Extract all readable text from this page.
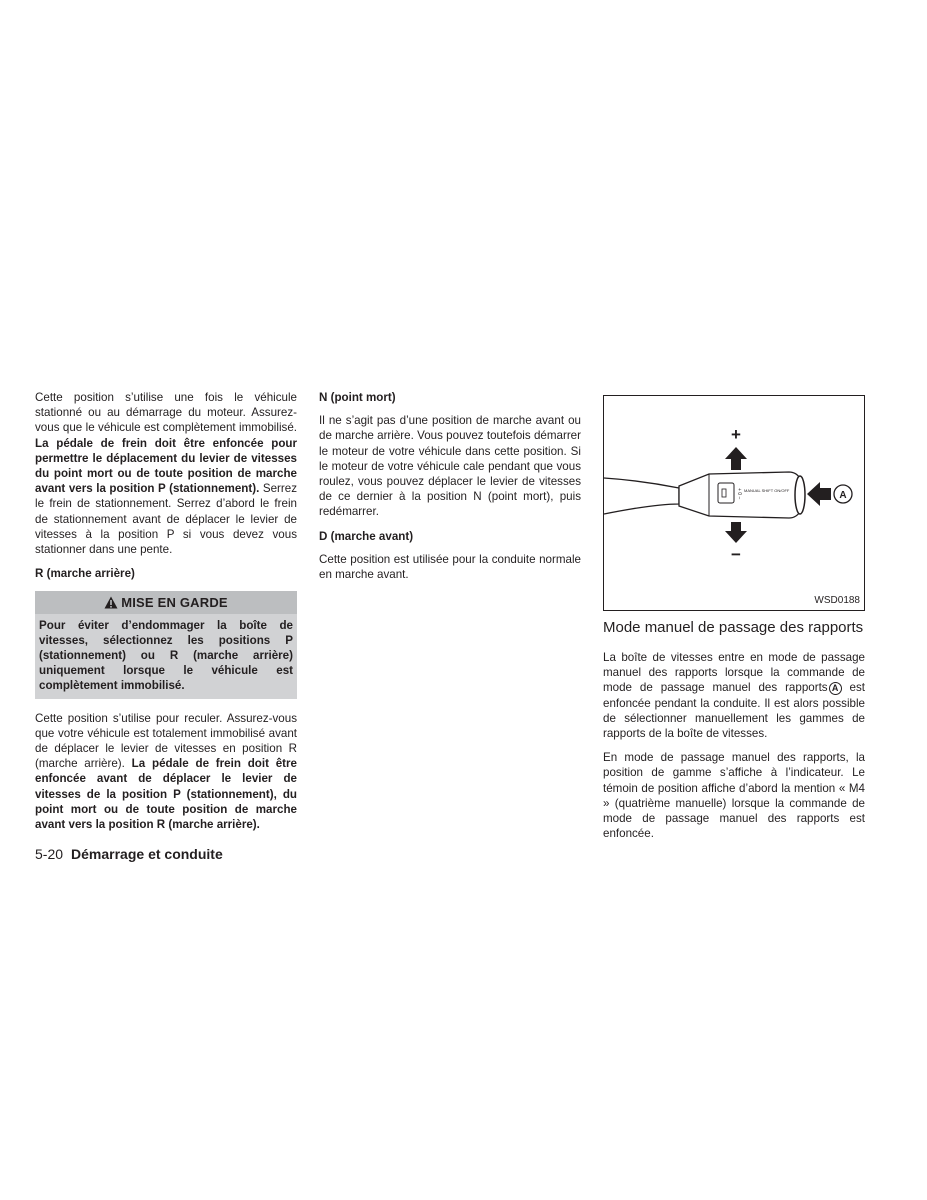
Cette position s’utilise une fois le véhicule stationné ou au démarrage du moteur. Assurez-vous que le véhicule est complètement immobilisé. La pédale de frein doit être enfoncée pour permettre le déplacement du levier de vitesses du point mort ou de toute position de marche avant vers la position P (stationnement). Serrez le frein de stationnement. Serrez d’abord le frein de stationnement avant de déplacer le levier de vitesses à la position P si vous devez vous stationner dans une pente.

R (marche arrière)
MISE EN GARDE
Pour éviter d’endommager la boîte de vitesses, sélectionnez les positions P (stationnement) ou R (marche arrière) uniquement lorsque le véhicule est complètement immobilisé.

Cette position s’utilise pour reculer. Assurez-vous que votre véhicule est totalement immobilisé avant de déplacer le levier de vitesses en position R (marche arrière). La pédale de frein doit être enfoncée avant de déplacer le levier de vitesses de la position P (stationnement), du point mort ou de toute position de marche avant vers la position R (marche arrière).

N (point mort)

Il ne s’agit pas d’une position de marche avant ou de marche arrière. Vous pouvez toutefois démarrer le moteur de votre véhicule dans cette position. Si le moteur de votre véhicule cale pendant que vous roulez, vous pouvez déplacer le levier de vitesses de ce dernier à la position N (point mort), puis redémarrer.

D (marche avant)

Cette position est utilisée pour la conduite normale en marche avant.

MANUAL SHIFT ON/OFF
+ 0 −
+
−
A
WSD0188
Mode manuel de passage des rapports

La boîte de vitesses entre en mode de passage manuel des rapports lorsque la commande de mode de passage manuel des rapports A est enfoncée pendant la conduite. Il est alors possible de sélectionner manuellement les gammes de rapports de la boîte de vitesses.

En mode de passage manuel des rapports, la position de gamme s’affiche à l’indicateur. Le témoin de position affiche d’abord la mention « M4 » (quatrième manuelle) lorsque la commande de mode de passage manuel des rapports est enfoncée.

5-20 Démarrage et conduite
